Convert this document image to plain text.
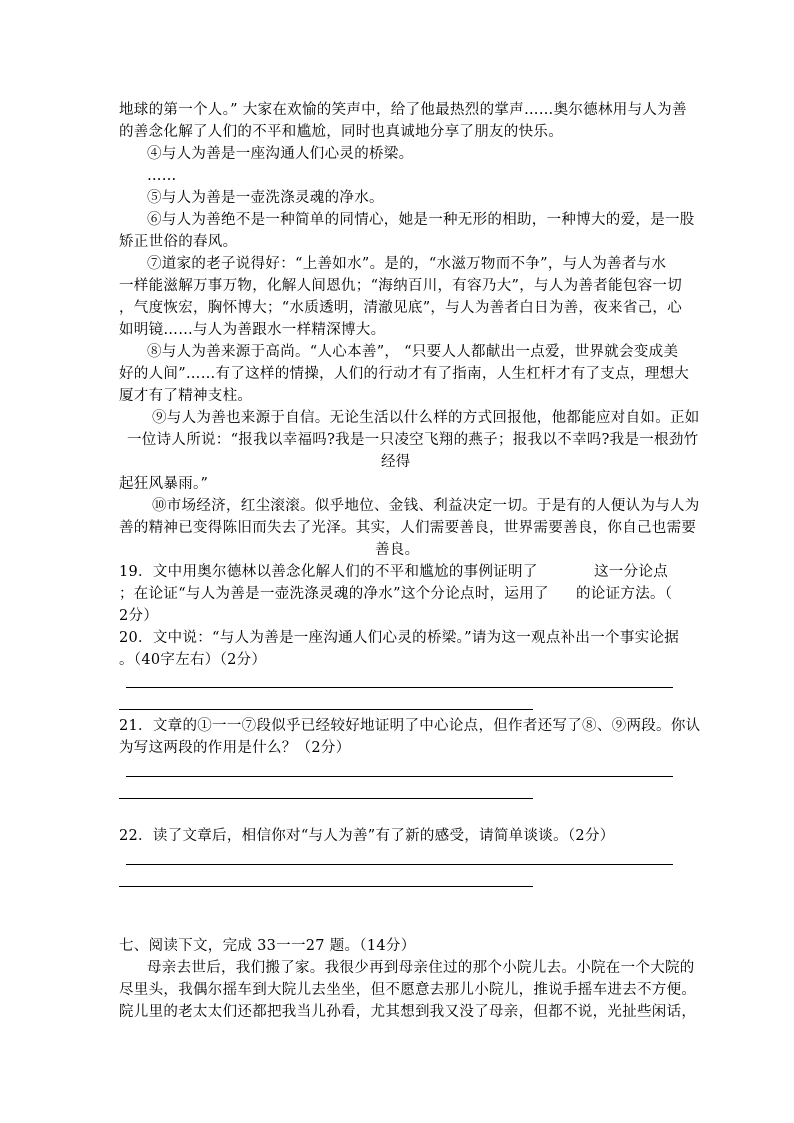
地球的第一个人。” 大家在欢愉的笑声中，给了他最热烈的掌声……奥尔德林用与人为善
的善念化解了人们的不平和尴尬，同时也真诚地分享了朋友的快乐。
④与人为善是一座沟通人们心灵的桥梁。
……
⑤与人为善是一壶洗涤灵魂的净水。
⑥与人为善绝不是一种简单的同情心，她是一种无形的相助，一种博大的爱，是一股
矫正世俗的春风。
⑦道家的老子说得好：“上善如水”。是的，“水滋万物而不争”，与人为善者与水
一样能滋解万事万物，化解人间恩仇；“海纳百川，有容乃大”，与人为善者能包容一切
，气度恢宏，胸怀博大；“水质透明，清澈见底”，与人为善者白日为善，夜来省己，心
如明镜……与人为善跟水一样精深博大。
⑧与人为善来源于高尚。“人心本善”， “只要人人都献出一点爱，世界就会变成美
好的人间”……有了这样的情操，人们的行动才有了指南，人生杠杆才有了支点，理想大
厦才有了精神支柱。
⑨与人为善也来源于自信。无论生活以什么样的方式回报他，他都能应对自如。正如
一位诗人所说：“报我以幸福吗?我是一只凌空飞翔的燕子；报我以不幸吗?我是一根劲竹
经得
起狂风暴雨。”
⑩市场经济，红尘滚滚。似乎地位、金钱、利益决定一切。于是有的人便认为与人为
善的精神已变得陈旧而失去了光泽。其实，人们需要善良，世界需要善良，你自己也需要
善良。
19．文中用奥尔德林以善念化解人们的不平和尴尬的事例证明了	这一分论点
；在论证“与人为善是一壶洗涤灵魂的净水”这个分论点时，运用了 的论证方法。（
2分）
20．文中说：“与人为善是一座沟通人们心灵的桥梁。”请为这一观点补出一个事实论据
。（40字左右）（2分）
21．文章的①一一⑦段似乎已经较好地证明了中心论点，但作者还写了⑧、⑨两段。你认
为写这两段的作用是什么？（2分）
22．读了文章后，相信你对“与人为善”有了新的感受，请简单谈谈。（2分）
七、阅读下文，完成 33一一27 题。（14分）
母亲去世后，我们搬了家。我很少再到母亲住过的那个小院儿去。小院在一个大院的
尽里头，我偶尔摇车到大院儿去坐坐，但不愿意去那儿小院儿，推说手摇车进去不方便。
院儿里的老太太们还都把我当儿孙看，尤其想到我又没了母亲，但都不说，光扯些闲话，
